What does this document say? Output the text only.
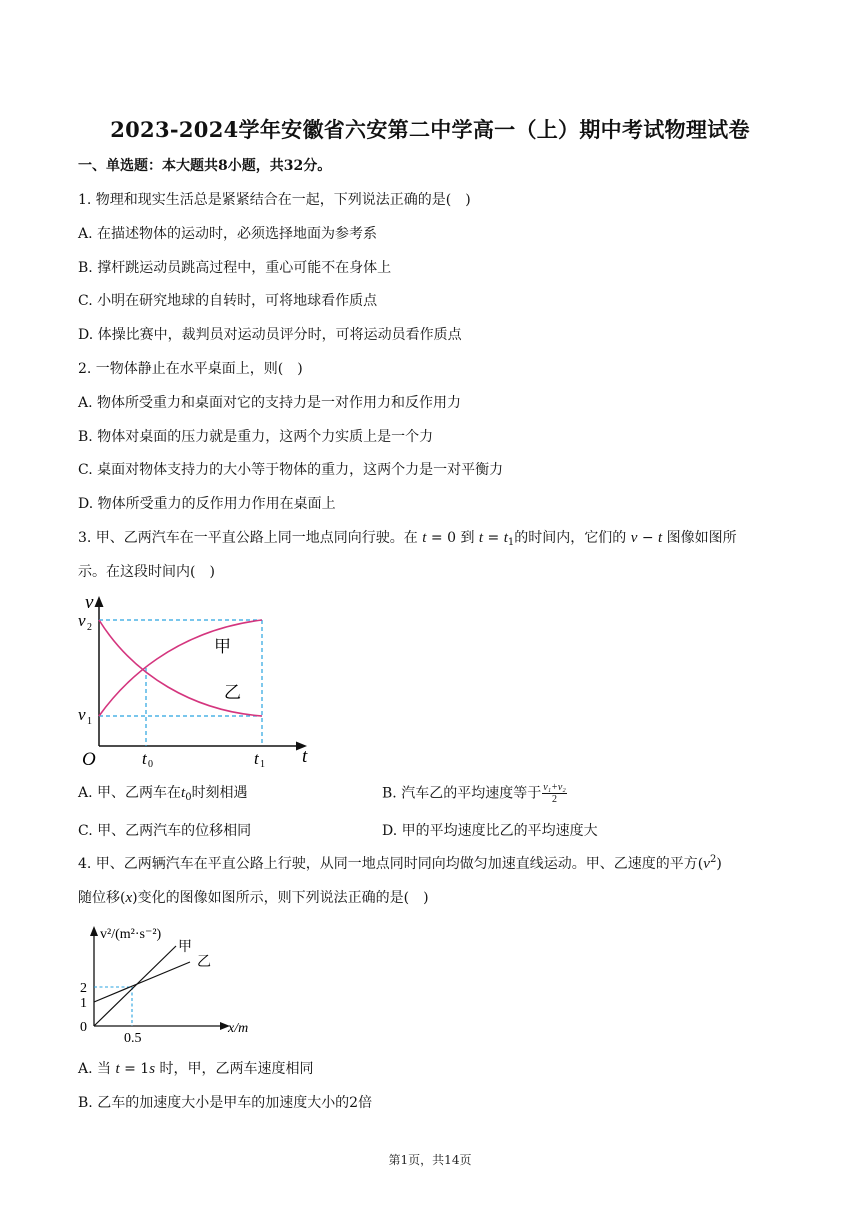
2023-2024学年安徽省六安第二中学高一（上）期中考试物理试卷
一、单选题：本大题共8小题，共32分。
1. 物理和现实生活总是紧紧结合在一起，下列说法正确的是(　)
A. 在描述物体的运动时，必须选择地面为参考系
B. 撑杆跳运动员跳高过程中，重心可能不在身体上
C. 小明在研究地球的自转时，可将地球看作质点
D. 体操比赛中，裁判员对运动员评分时，可将运动员看作质点
2. 一物体静止在水平桌面上，则(　)
A. 物体所受重力和桌面对它的支持力是一对作用力和反作用力
B. 物体对桌面的压力就是重力，这两个力实质上是一个力
C. 桌面对物体支持力的大小等于物体的重力，这两个力是一对平衡力
D. 物体所受重力的反作用力作用在桌面上
3. 甲、乙两汽车在一平直公路上同一地点同向行驶。在 t = 0 到 $t = t_1$的时间内，它们的 v − t 图像如图所
示。在这段时间内(　)
v
v 2
v 1
O	t 0	t 1 t
甲
乙
A. 甲、乙两车在$t_0$时刻相遇	B. 汽车乙的平均速度等于 $\frac{\text{v₁+v₂}}{2}$
C. 甲、乙两汽车的位移相同	D. 甲的平均速度比乙的平均速度大
4. 甲、乙两辆汽车在平直公路上行驶，从同一地点同时同向均做匀加速直线运动。甲、乙速度的平方$(v^2)$
随位移(x)变化的图像如图所示，则下列说法正确的是(　)
v²/(m²·s⁻²)
x/m
2
1
0
0.5
甲
乙
A. 当 t = 1s 时，甲，乙两车速度相同
B. 乙车的加速度大小是甲车的加速度大小的2倍
第1页，共14页
